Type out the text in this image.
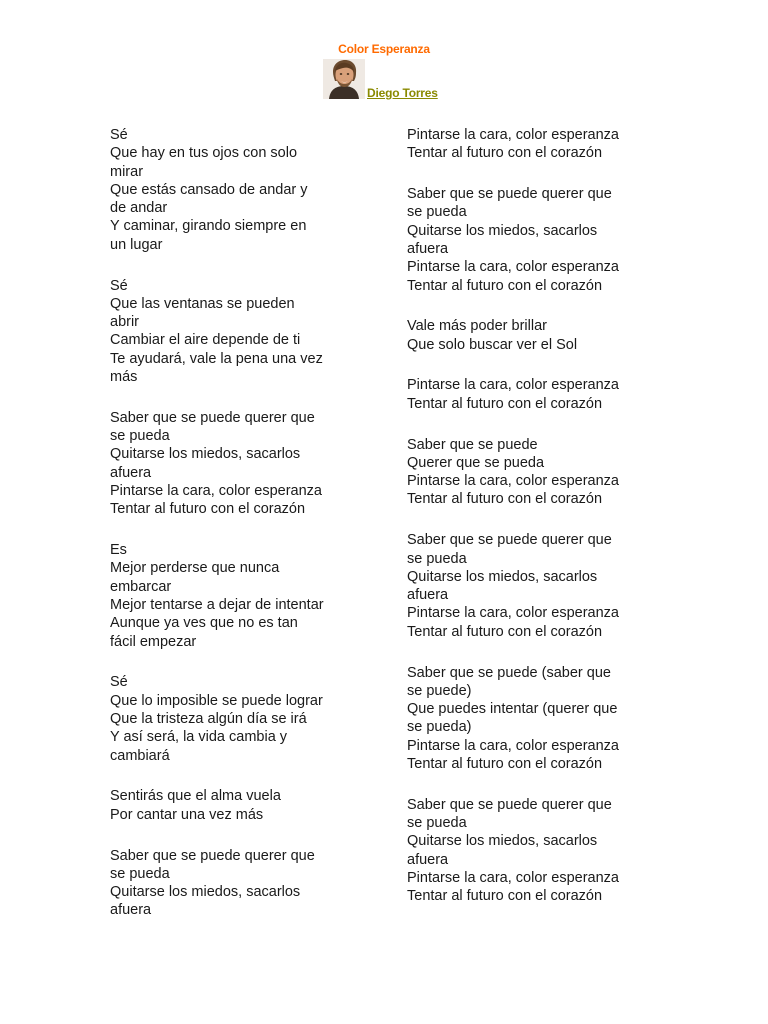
Color Esperanza
Diego Torres
Sé
Que hay en tus ojos con solo
mirar
Que estás cansado de andar y
de andar
Y caminar, girando siempre en
un lugar
Sé
Que las ventanas se pueden
abrir
Cambiar el aire depende de ti
Te ayudará, vale la pena una vez
más
Saber que se puede querer que
se pueda
Quitarse los miedos, sacarlos
afuera
Pintarse la cara, color esperanza
Tentar al futuro con el corazón
Es
Mejor perderse que nunca
embarcar
Mejor tentarse a dejar de intentar
Aunque ya ves que no es tan
fácil empezar
Sé
Que lo imposible se puede lograr
Que la tristeza algún día se irá
Y así será, la vida cambia y
cambiará
Sentirás que el alma vuela
Por cantar una vez más
Saber que se puede querer que
se pueda
Quitarse los miedos, sacarlos
afuera
Pintarse la cara, color esperanza
Tentar al futuro con el corazón
Saber que se puede querer que
se pueda
Quitarse los miedos, sacarlos
afuera
Pintarse la cara, color esperanza
Tentar al futuro con el corazón
Vale más poder brillar
Que solo buscar ver el Sol
Pintarse la cara, color esperanza
Tentar al futuro con el corazón
Saber que se puede
Querer que se pueda
Pintarse la cara, color esperanza
Tentar al futuro con el corazón
Saber que se puede querer que
se pueda
Quitarse los miedos, sacarlos
afuera
Pintarse la cara, color esperanza
Tentar al futuro con el corazón
Saber que se puede (saber que
se puede)
Que puedes intentar (querer que
se pueda)
Pintarse la cara, color esperanza
Tentar al futuro con el corazón
Saber que se puede querer que
se pueda
Quitarse los miedos, sacarlos
afuera
Pintarse la cara, color esperanza
Tentar al futuro con el corazón
